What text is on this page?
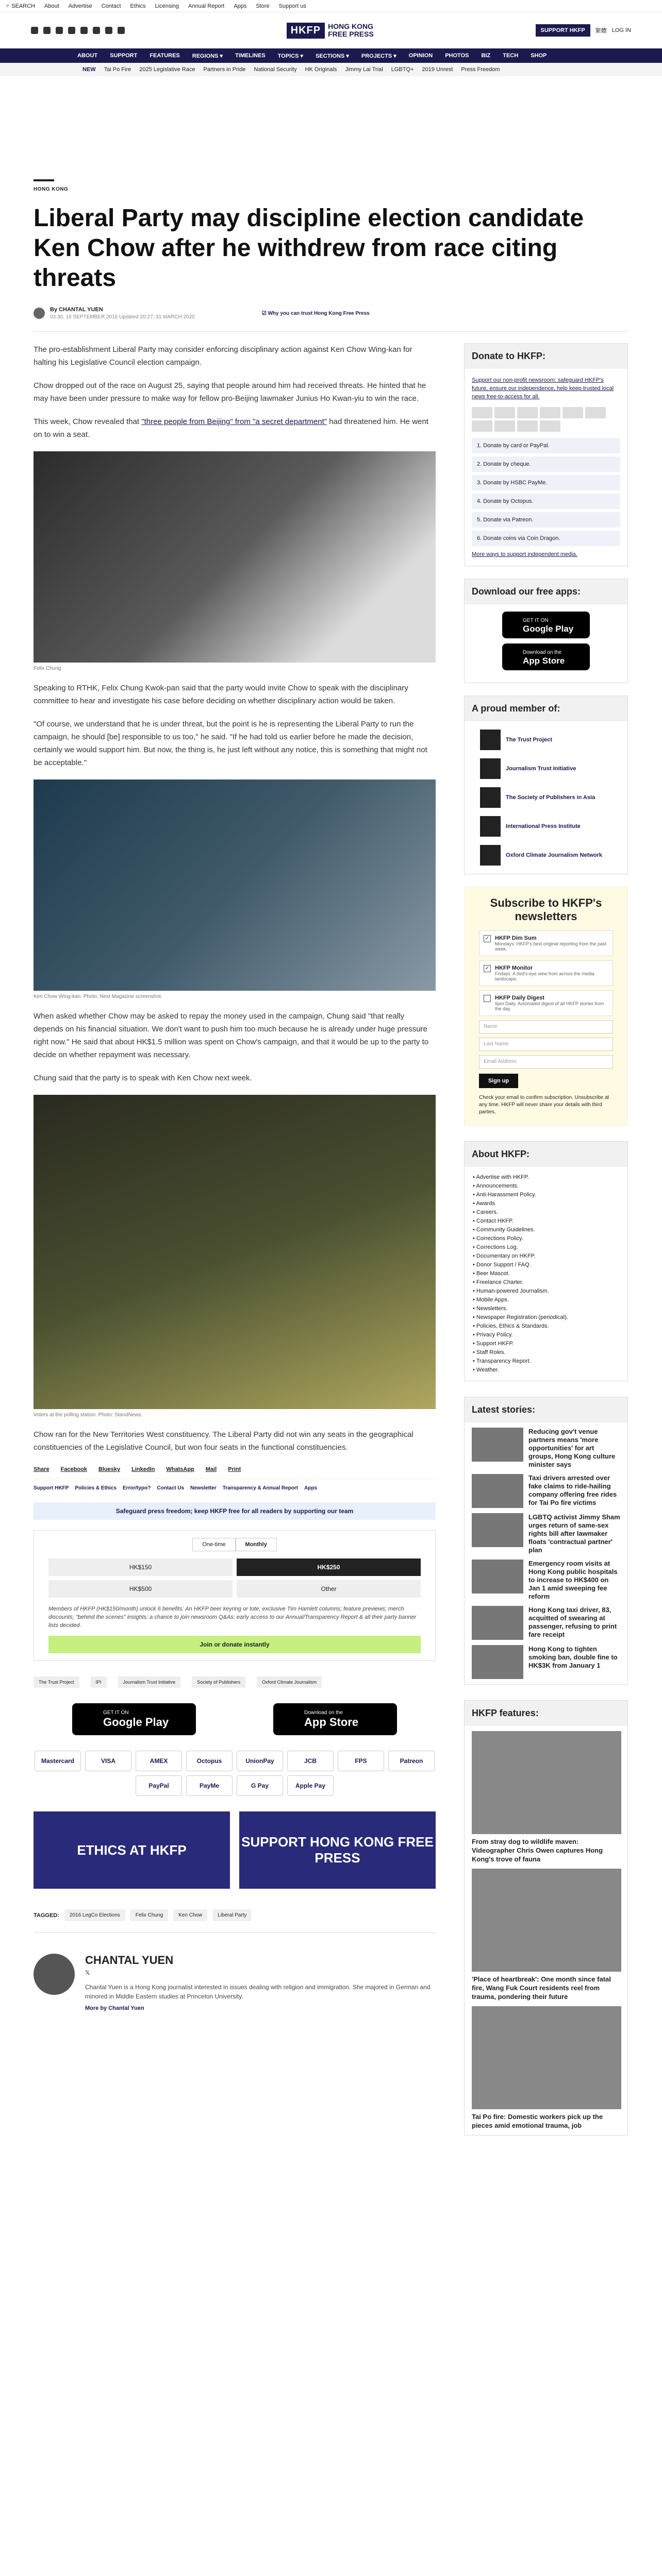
⌕ SEARCH About Advertise Contact Ethics Licensing Annual Report Apps Store Support us
HKFP	HONG KONG
FREE PRESS	SUPPORT HKFP	繁體 LOG IN
ABOUT SUPPORT FEATURES REGIONS ▾ TIMELINES TOPICS ▾ SECTIONS ▾ PROJECTS ▾ OPINION PHOTOS BIZ TECH SHOP
NEW Tai Po Fire 2025 Legislative Race Partners in Pride National Security HK Originals Jimmy Lai Trial LGBTQ+ 2019 Unrest Press Freedom
HONG KONG
Liberal Party may discipline election candidate Ken Chow after he withdrew from race citing threats
By CHANTAL YUEN
03:30, 16 SEPTEMBER 2016 Updated 20:27, 31 MARCH 2020
☑ Why you can trust Hong Kong Free Press

The pro-establishment Liberal Party may consider enforcing disciplinary action against Ken Chow Wing-kan for halting his Legislative Council election campaign.

Chow dropped out of the race on August 25, saying that people around him had received threats. He hinted that he may have been under pressure to make way for fellow pro-Beijing lawmaker Junius Ho Kwan-yiu to win the race.

This week, Chow revealed that "three people from Beijing" from "a secret department" had threatened him. He went on to win a seat.

Felix Chung

Speaking to RTHK, Felix Chung Kwok-pan said that the party would invite Chow to speak with the disciplinary committee to hear and investigate his case before deciding on whether disciplinary action would be taken.

"Of course, we understand that he is under threat, but the point is he is representing the Liberal Party to run the campaign, he should [be] responsible to us too," he said. "If he had told us earlier before he made the decision, certainly we would support him. But now, the thing is, he just left without any notice, this is something that might not be acceptable."

Ken Chow Wing-kan. Photo: Next Magazine screenshot.

When asked whether Chow may be asked to repay the money used in the campaign, Chung said "that really depends on his financial situation. We don't want to push him too much because he is already under huge pressure right now." He said that about HK$1.5 million was spent on Chow's campaign, and that it would be up to the party to decide on whether repayment was necessary.

Chung said that the party is to speak with Ken Chow next week.

Voters at the polling station. Photo: StandNews.

Chow ran for the New Territories West constituency. The Liberal Party did not win any seats in the geographical constituencies of the Legislative Council, but won four seats in the functional constituencies.

Share Facebook Bluesky LinkedIn WhatsApp Mail Print
Support HKFP Policies & Ethics Error/typo? Contact Us Newsletter Transparency & Annual Report Apps
Safeguard press freedom; keep HKFP free for all readers by supporting our team
One-time	Monthly
HK$150	HK$250
HK$500	Other
Members of HKFP (HK$150/month) unlock 6 benefits: An HKFP beer keyring or tote; exclusive Tim Hamlett columns; feature previews; merch discounts; "behind the scenes" insights; a chance to join newsroom Q&As; early access to our Annual/Transparency Report & all their party banner lists decided.
Join or donate instantly
The Trust Project	IPI	Journalism Trust Initiative	Society of Publishers	Oxford Climate Journalism
GET IT ON
Google Play
Download on the
App Store
Mastercard	VISA	AMEX	Octopus	UnionPay	JCB	FPS	Patreon
PayPal	PayMe	G Pay	Apple Pay
ETHICS AT HKFP
SUPPORT HONG KONG FREE PRESS
TAGGED:	2016 LegCo Elections	Felix Chung	Ken Chow	Liberal Party
CHANTAL YUEN
𝕏
Chantal Yuen is a Hong Kong journalist interested in issues dealing with religion and immigration. She majored in German and minored in Middle Eastern studies at Princeton University.
More by Chantal Yuen
Donate to HKFP:
Support our non-profit newsroom: safeguard HKFP's future, ensure our independence, help keep trusted local news free-to-access for all.
1. Donate by card or PayPal.
2. Donate by cheque.
3. Donate by HSBC PayMe.
4. Donate by Octopus.
5. Donate via Patreon.
6. Donate coins via Coin Dragon.
More ways to support independent media.
Download our free apps:
GET IT ON
Google Play
Download on the
App Store
A proud member of:
The Trust Project
Journalism Trust Initiative
The Society of Publishers in Asia
International Press Institute
Oxford Climate Journalism Network
Subscribe to HKFP's newsletters
✓ HKFP Dim Sum
Mondays: HKFP's best original reporting from the past week.
✓ HKFP Monitor
Fridays: A bird's-eye view from across the media landscape.
HKFP Daily Digest
6pm Daily. Automated digest of all HKFP stories from the day.
Name
Last Name
Email Address
Sign up
Check your email to confirm subscription. Unsubscribe at any time. HKFP will never share your details with third parties.
About HKFP:
• Advertise with HKFP.
• Announcements.
• Anti-Harassment Policy.
• Awards.
• Careers.
• Contact HKFP.
• Community Guidelines.
• Corrections Policy.
• Corrections Log.
• Documentary on HKFP.
• Donor Support / FAQ.
• Beer Mascot.
• Freelance Charter.
• Human-powered Journalism.
• Mobile Apps.
• Newsletters.
• Newspaper Registration (periodical).
• Policies, Ethics & Standards.
• Privacy Policy.
• Support HKFP.
• Staff Roles.
• Transparency Report.
• Weather.
Latest stories:
Reducing gov't venue partners means 'more opportunities' for art groups, Hong Kong culture minister says
Taxi drivers arrested over fake claims to ride-hailing company offering free rides for Tai Po fire victims
LGBTQ activist Jimmy Sham urges return of same-sex rights bill after lawmaker floats 'contractual partner' plan
Emergency room visits at Hong Kong public hospitals to increase to HK$400 on Jan 1 amid sweeping fee reform
Hong Kong taxi driver, 83, acquitted of swearing at passenger, refusing to print fare receipt
Hong Kong to tighten smoking ban, double fine to HK$3K from January 1
HKFP features:
From stray dog to wildlife maven: Videographer Chris Owen captures Hong Kong's trove of fauna
'Place of heartbreak': One month since fatal fire, Wang Fuk Court residents reel from trauma, pondering their future
Tai Po fire: Domestic workers pick up the pieces amid emotional trauma, job
